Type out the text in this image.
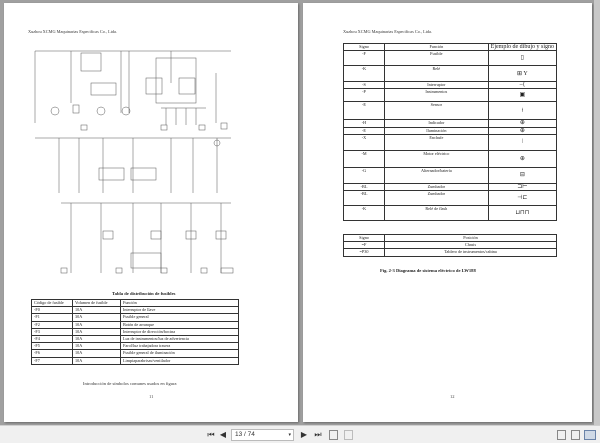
Xuzhou XCMG Maquinarias Especificas Co., Ltda.
Tabla de distribución de fusibles
Código de fusible	Volumen de fusible	Función
-F0	10A	Interruptor de llave
-F1	30A	Fusible general
-F2	10A	Botón de arranque
-F3	10A	Interruptor de dirección/bocina
-F4	10A	Luz de instrumentos/luz de advertencia
-F5	10A	Farol/luz trabajadora trasera
-F6	10A	Fusible general de iluminación
-F7	10A	Limpiaparabrisas/ventilador
Introducción de símbolos comunes usados en figura
11
Xuzhou XCMG Maquinarias Especificas Co., Ltda.
Signo	Función	Ejemplo de dibujo y signo
-F	Fusible	▯
-K	Relé	⊞ Y
-S	Interruptor	–⟨
-P	Instrumentos	▣
-E	Sensor	⍿
-H	Indicador	⊕
-E	Iluminación	⊕
-X	Enchufe	ǀ
-M	Motor eléctrico	⊕
-G	Alternador/batería	⊟
-BL	Zumbador	⊐⊢
-BL	Zumbador	⊣⊏
-K	Relé de flash	⊔⊓⊓
Signo	Posición
=F	Chasis
=P30	Tablero de instrumentos/cabina
Fig. 2-3 Diagrama de sistema eléctrico de LW188
12
⏮ ◀	13 / 74	▾ ▶ ⏭
